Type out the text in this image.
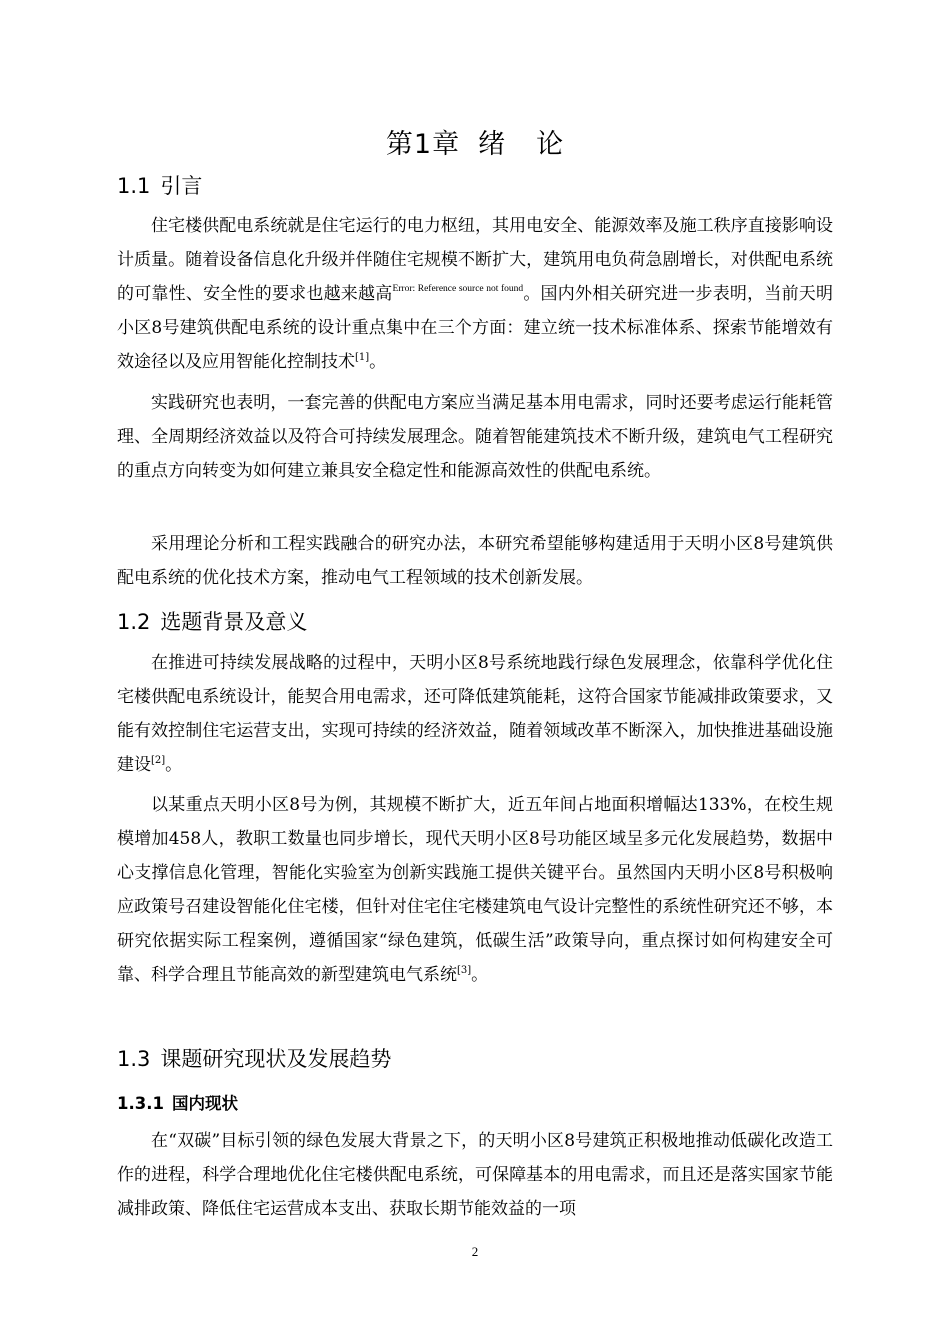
第1章 绪 论
1.1 引言
住宅楼供配电系统就是住宅运行的电力枢纽，其用电安全、能源效率及施工秩序直接影响设计质量。随着设备信息化升级并伴随住宅规模不断扩大，建筑用电负荷急剧增长，对供配电系统的可靠性、安全性的要求也越来越高$^{Error: Reference source not found}$。国内外相关研究进一步表明，当前天明小区8号建筑供配电系统的设计重点集中在三个方面：建立统一技术标准体系、探索节能增效有效途径以及应用智能化控制技术[1]。
实践研究也表明，一套完善的供配电方案应当满足基本用电需求，同时还要考虑运行能耗管理、全周期经济效益以及符合可持续发展理念。随着智能建筑技术不断升级，建筑电气工程研究的重点方向转变为如何建立兼具安全稳定性和能源高效性的供配电系统。
采用理论分析和工程实践融合的研究办法，本研究希望能够构建适用于天明小区8号建筑供配电系统的优化技术方案，推动电气工程领域的技术创新发展。
1.2 选题背景及意义
在推进可持续发展战略的过程中，天明小区8号系统地践行绿色发展理念，依靠科学优化住宅楼供配电系统设计，能契合用电需求，还可降低建筑能耗，这符合国家节能减排政策要求，又能有效控制住宅运营支出，实现可持续的经济效益，随着领域改革不断深入，加快推进基础设施建设[2]。
以某重点天明小区8号为例，其规模不断扩大，近五年间占地面积增幅达133%，在校生规模增加458人，教职工数量也同步增长，现代天明小区8号功能区域呈多元化发展趋势，数据中心支撑信息化管理，智能化实验室为创新实践施工提供关键平台。虽然国内天明小区8号积极响应政策号召建设智能化住宅楼，但针对住宅住宅楼建筑电气设计完整性的系统性研究还不够，本研究依据实际工程案例，遵循国家“绿色建筑，低碳生活”政策导向，重点探讨如何构建安全可靠、科学合理且节能高效的新型建筑电气系统[3]。
1.3 课题研究现状及发展趋势
1.3.1 国内现状
在“双碳”目标引领的绿色发展大背景之下，的天明小区8号建筑正积极地推动低碳化改造工作的进程，科学合理地优化住宅楼供配电系统，可保障基本的用电需求，而且还是落实国家节能减排政策、降低住宅运营成本支出、获取长期节能效益的一项
2
